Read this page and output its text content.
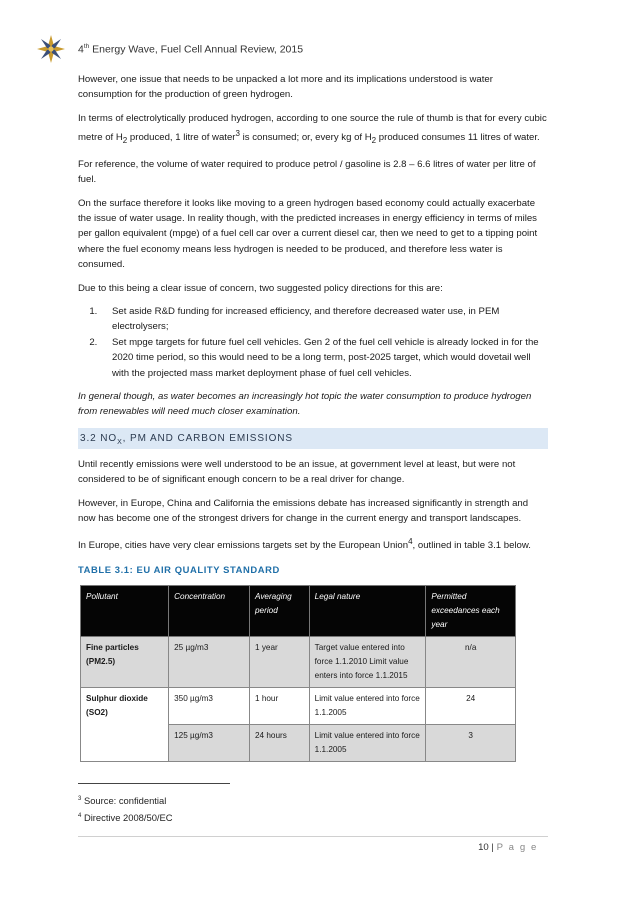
4th Energy Wave, Fuel Cell Annual Review, 2015

However, one issue that needs to be unpacked a lot more and its implications understood is water consumption for the production of green hydrogen.

In terms of electrolytically produced hydrogen, according to one source the rule of thumb is that for every cubic metre of $H_2$ produced, 1 litre of water$^3$ is consumed; or, every kg of $H_2$ produced consumes 11 litres of water.

For reference, the volume of water required to produce petrol / gasoline is 2.8 – 6.6 litres of water per litre of fuel.

On the surface therefore it looks like moving to a green hydrogen based economy could actually exacerbate the issue of water usage. In reality though, with the predicted increases in energy efficiency in terms of miles per gallon equivalent (mpge) of a fuel cell car over a current diesel car, then we need to get to a tipping point where the fuel economy means less hydrogen is needed to be produced, and therefore less water is consumed.

Due to this being a clear issue of concern, two suggested policy directions for this are:

1. Set aside R&D funding for increased efficiency, and therefore decreased water use, in PEM electrolysers;
2. Set mpge targets for future fuel cell vehicles. Gen 2 of the fuel cell vehicle is already locked in for the 2020 time period, so this would need to be a long term, post-2025 target, which would dovetail well with the projected mass market deployment phase of fuel cell vehicles.

In general though, as water becomes an increasingly hot topic the water consumption to produce hydrogen from renewables will need much closer examination.

3.2 $NO_X$, PM AND CARBON EMISSIONS

Until recently emissions were well understood to be an issue, at government level at least, but were not considered to be of significant enough concern to be a real driver for change.

However, in Europe, China and California the emissions debate has increased significantly in strength and now has become one of the strongest drivers for change in the current energy and transport landscapes.

In Europe, cities have very clear emissions targets set by the European Union$^4$, outlined in table 3.1 below.

TABLE 3.1: EU AIR QUALITY STANDARD
Pollutant	Concentration	Averaging period	Legal nature	Permitted exceedances each year
Fine particles (PM2.5)	25 µg/m3	1 year	Target value entered into force 1.1.2010 Limit value enters into force 1.1.2015	n/a
Sulphur dioxide (SO2)	350 µg/m3	1 hour	Limit value entered into force 1.1.2005	24
	125 µg/m3	24 hours	Limit value entered into force 1.1.2005	3
$^3$ Source: confidential
$^4$ Directive 2008/50/EC
10 | P a g e
